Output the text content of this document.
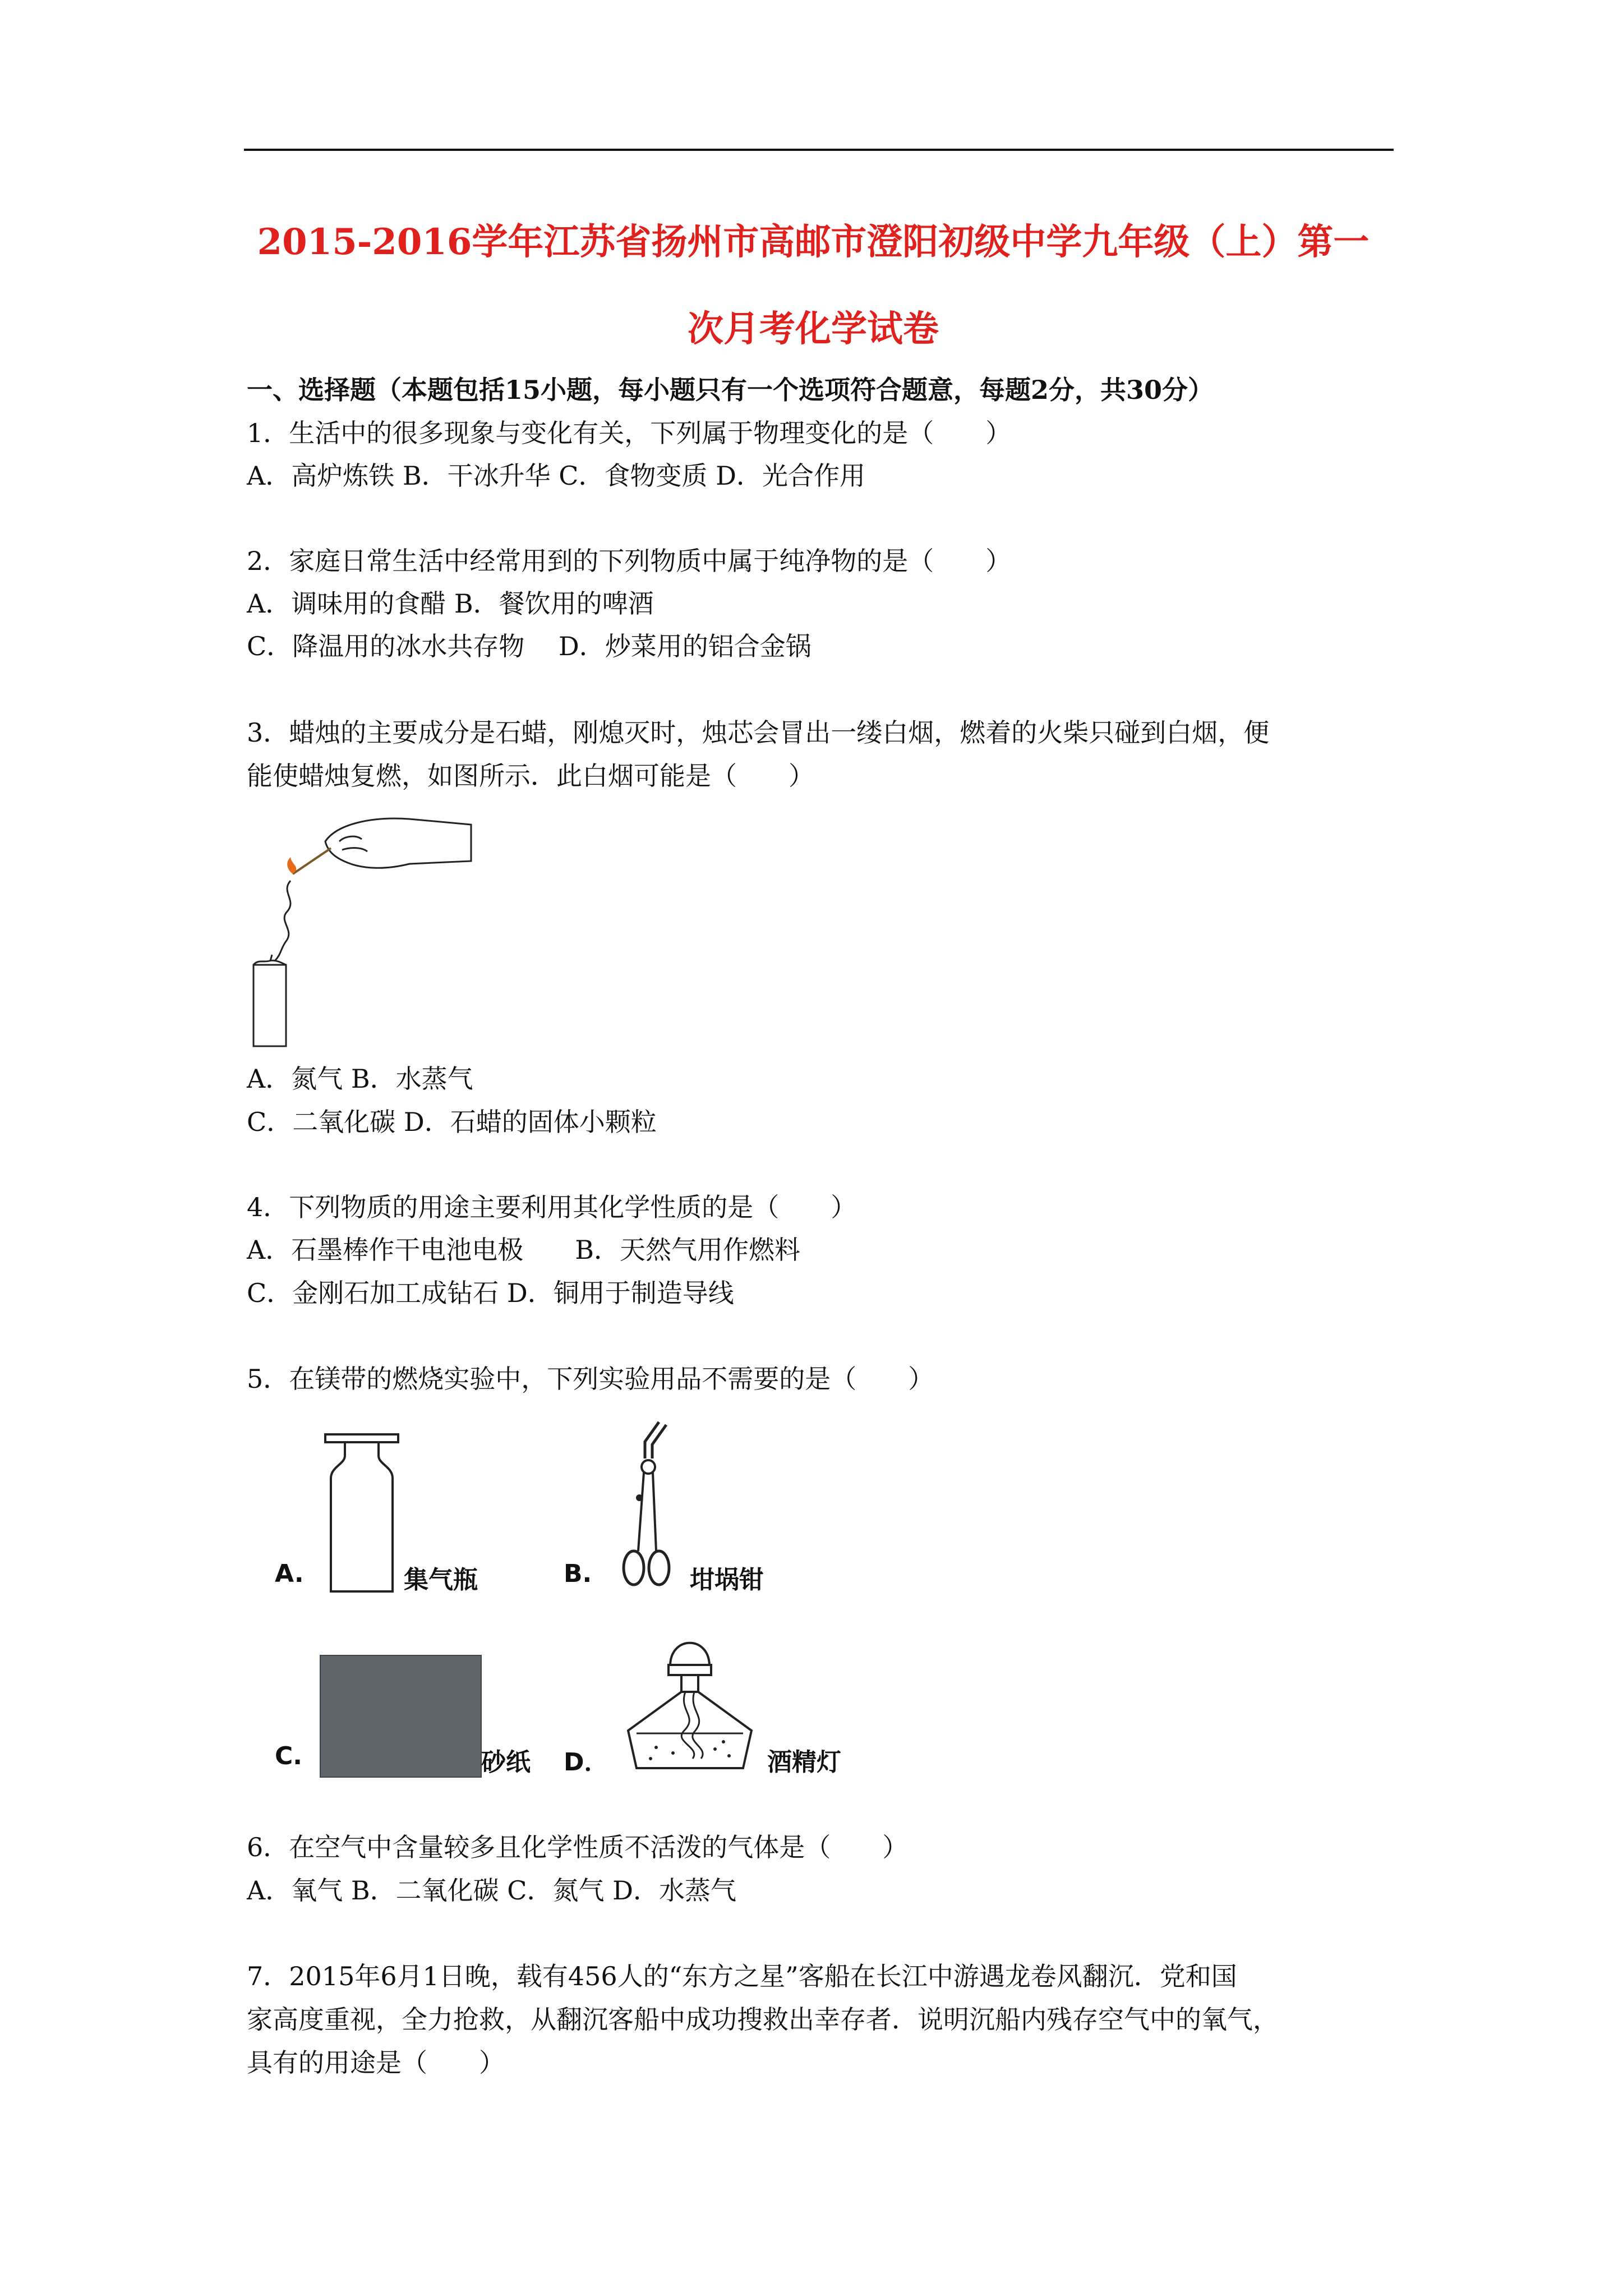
2015-2016学年江苏省扬州市高邮市澄阳初级中学九年级（上）第一
次月考化学试卷
一、选择题（本题包括15小题，每小题只有一个选项符合题意，每题2分，共30分）
1．生活中的很多现象与变化有关，下列属于物理变化的是（　　）
A．高炉炼铁 B．干冰升华 C．食物变质 D．光合作用
2．家庭日常生活中经常用到的下列物质中属于纯净物的是（　　）
A．调味用的食醋 B．餐饮用的啤酒
C．降温用的冰水共存物　 D．炒菜用的铝合金锅
3．蜡烛的主要成分是石蜡，刚熄灭时，烛芯会冒出一缕白烟，燃着的火柴只碰到白烟，便
能使蜡烛复燃，如图所示．此白烟可能是（　　）
A．氮气 B．水蒸气
C．二氧化碳 D．石蜡的固体小颗粒
4．下列物质的用途主要利用其化学性质的是（　　）
A．石墨棒作干电池电极　　B．天然气用作燃料
C．金刚石加工成钻石 D．铜用于制造导线
5．在镁带的燃烧实验中，下列实验用品不需要的是（　　）
A.	集气瓶	B.	坩埚钳
C.	砂纸 D．	酒精灯
6．在空气中含量较多且化学性质不活泼的气体是（　　）
A．氧气 B．二氧化碳 C．氮气 D．水蒸气
7．2015年6月1日晚，载有456人的“东方之星”客船在长江中游遇龙卷风翻沉．党和国
家高度重视，全力抢救，从翻沉客船中成功搜救出幸存者．说明沉船内残存空气中的氧气，
具有的用途是（　　）
